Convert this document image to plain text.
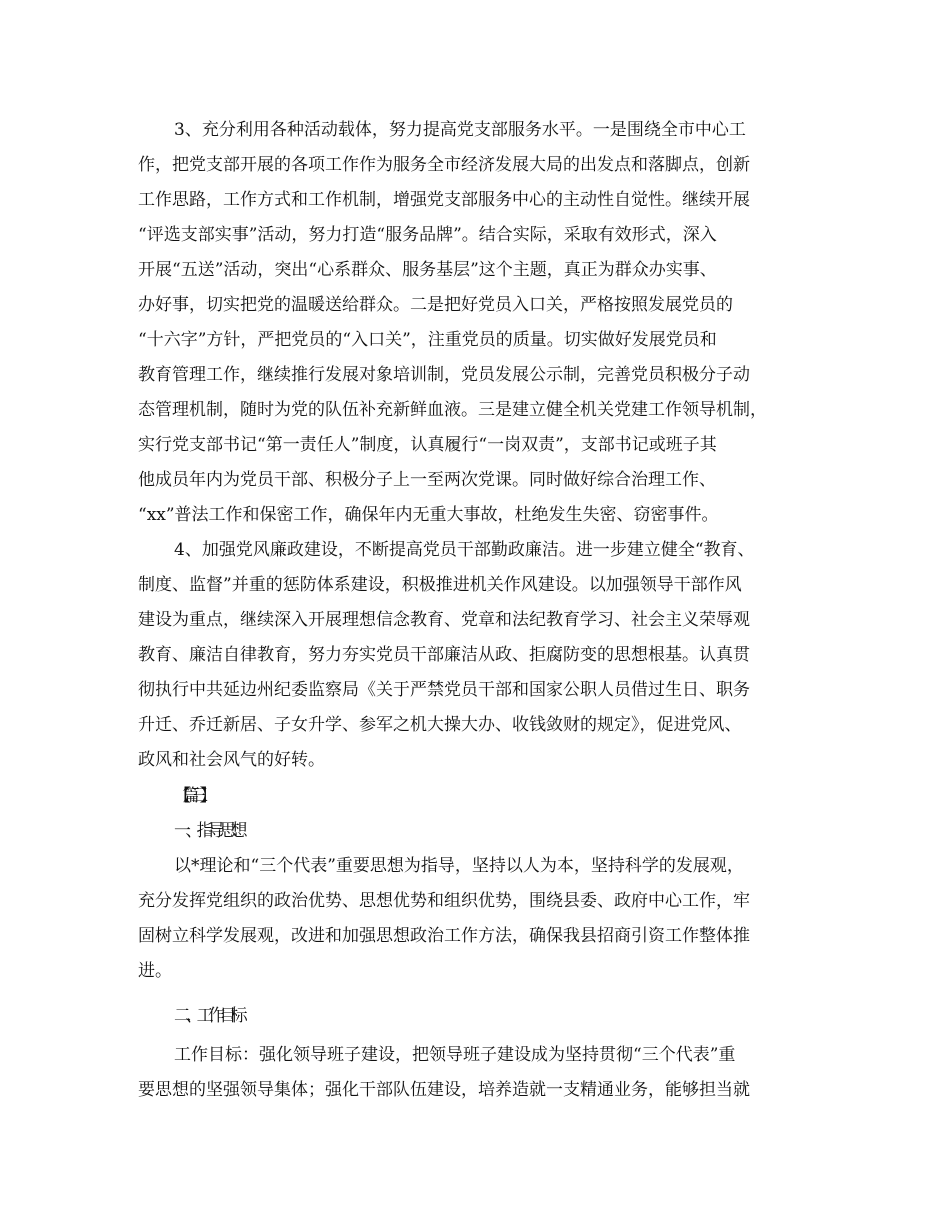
3、充分利用各种活动载体，努力提高党支部服务水平。一是围绕全市中心工
作，把党支部开展的各项工作作为服务全市经济发展大局的出发点和落脚点，创新
工作思路，工作方式和工作机制，增强党支部服务中心的主动性自觉性。继续开展
“评选支部实事”活动，努力打造“服务品牌”。结合实际，采取有效形式，深入
开展“五送”活动，突出“心系群众、服务基层”这个主题，真正为群众办实事、
办好事，切实把党的温暖送给群众。二是把好党员入口关，严格按照发展党员的
“十六字”方针，严把党员的“入口关”，注重党员的质量。切实做好发展党员和
教育管理工作，继续推行发展对象培训制，党员发展公示制，完善党员积极分子动
态管理机制，随时为党的队伍补充新鲜血液。三是建立健全机关党建工作领导机制，
实行党支部书记“第一责任人”制度，认真履行“一岗双责”，支部书记或班子其
他成员年内为党员干部、积极分子上一至两次党课。同时做好综合治理工作、
“xx”普法工作和保密工作，确保年内无重大事故，杜绝发生失密、窃密事件。
4、加强党风廉政建设，不断提高党员干部勤政廉洁。进一步建立健全“教育、
制度、监督”并重的惩防体系建设，积极推进机关作风建设。以加强领导干部作风
建设为重点，继续深入开展理想信念教育、党章和法纪教育学习、社会主义荣辱观
教育、廉洁自律教育，努力夯实党员干部廉洁从政、拒腐防变的思想根基。认真贯
彻执行中共延边州纪委监察局《关于严禁党员干部和国家公职人员借过生日、职务
升迁、乔迁新居、子女升学、参军之机大操大办、收钱敛财的规定》，促进党风、
政风和社会风气的好转。
【篇三】
一、指导思想
以*理论和“三个代表”重要思想为指导，坚持以人为本，坚持科学的发展观，
充分发挥党组织的政治优势、思想优势和组织优势，围绕县委、政府中心工作，牢
固树立科学发展观，改进和加强思想政治工作方法，确保我县招商引资工作整体推
进。
二、工作目标
工作目标：强化领导班子建设，把领导班子建设成为坚持贯彻“三个代表”重
要思想的坚强领导集体；强化干部队伍建设，培养造就一支精通业务，能够担当就
